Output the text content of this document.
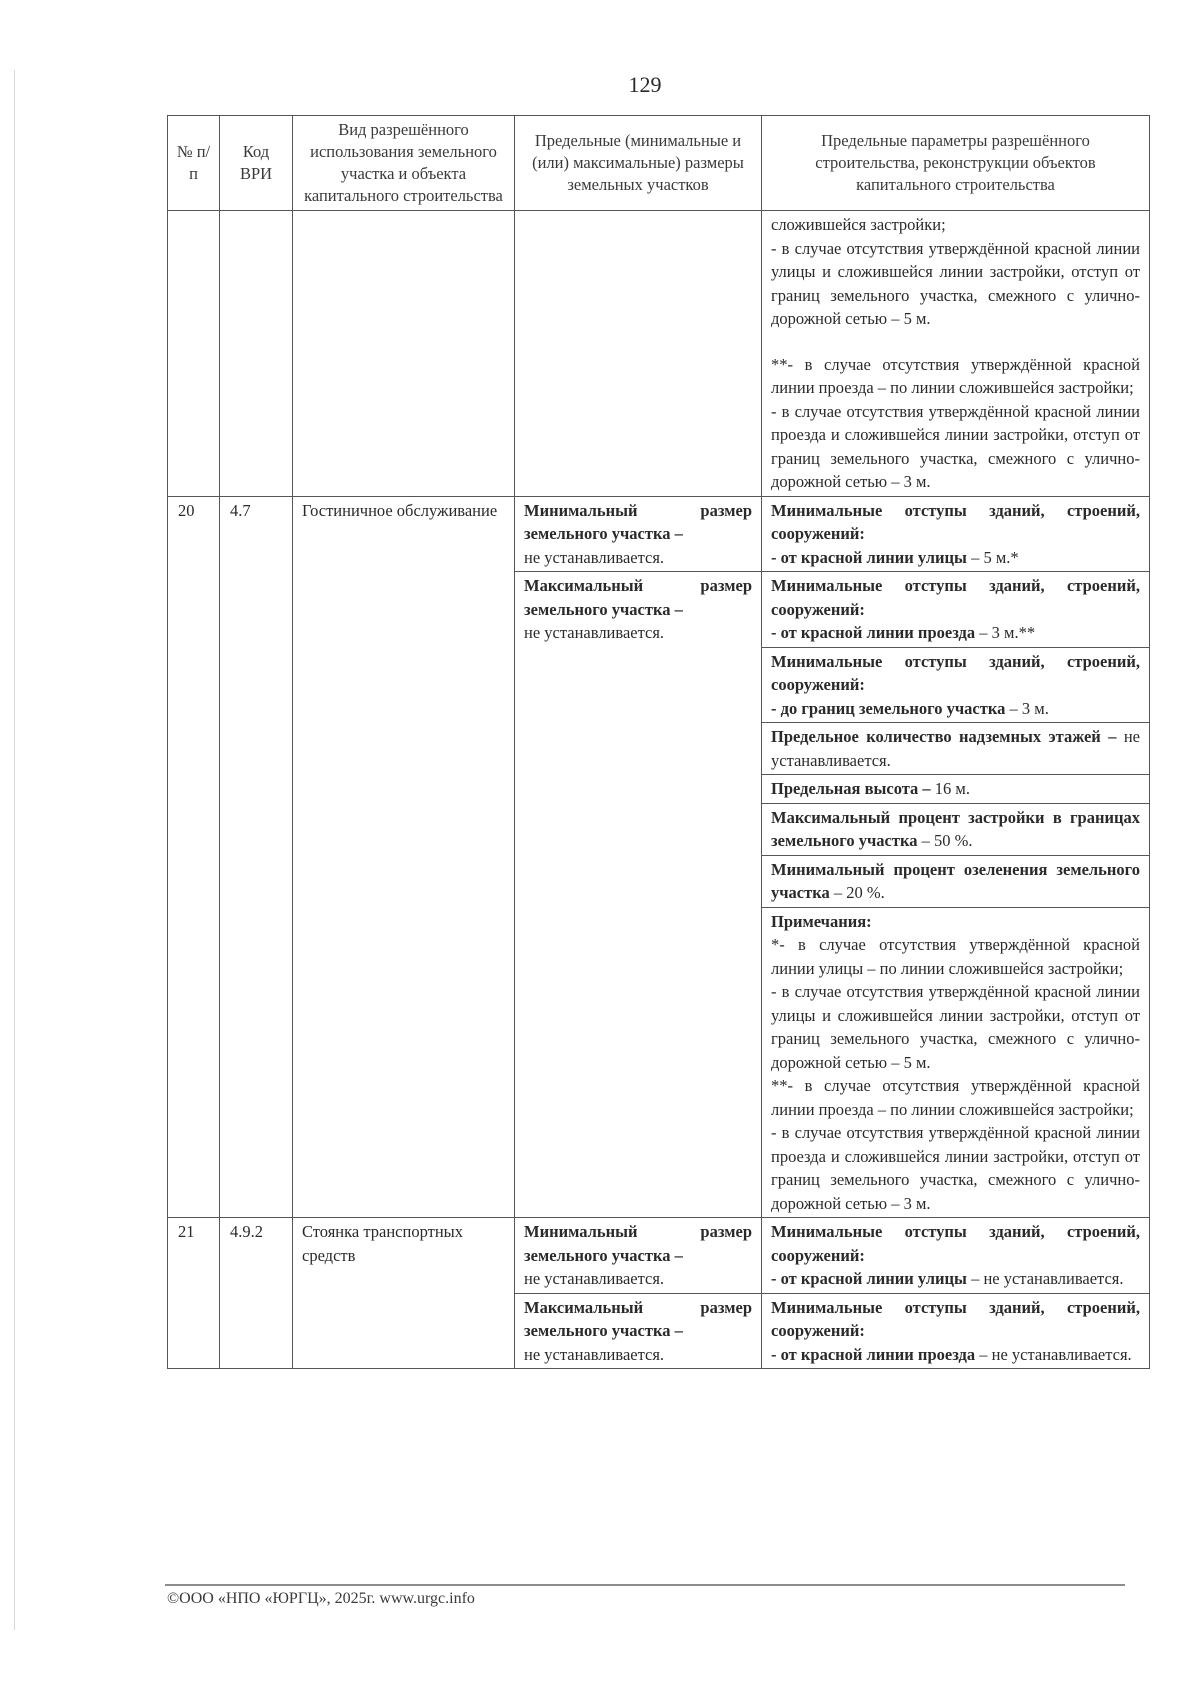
129
№ п/п	Код ВРИ	Вид разрешённого использования земельного участка и объекта капитального строительства	Предельные (минимальные и (или) максимальные) размеры земельных участков	Предельные параметры разрешённого строительства, реконструкции объектов капитального строительства

				сложившейся застройки;
- в случае отсутствия утверждённой красной линии улицы и сложившейся линии застройки, отступ от границ земельного участка, смежного с улично-дорожной сетью – 5 м.
**- в случае отсутствия утверждённой красной линии проезда – по линии сложившейся застройки;
- в случае отсутствия утверждённой красной линии проезда и сложившейся линии застройки, отступ от границ земельного участка, смежного с улично-дорожной сетью – 3 м.

20	4.7	Гостиничное обслуживание	Минимальный размер земельного участка –
не устанавливается.	Минимальные отступы зданий, строений, сооружений:
- от красной линии улицы – 5 м.*
			Максимальный размер земельного участка –
не устанавливается.	Минимальные отступы зданий, строений, сооружений:
- от красной линии проезда – 3 м.**
				Минимальные отступы зданий, строений, сооружений:
- до границ земельного участка – 3 м.
				Предельное количество надземных этажей – не устанавливается.
				Предельная высота – 16 м.
				Максимальный процент застройки в границах земельного участка – 50 %.
				Минимальный процент озеленения земельного участка – 20 %.

				Примечания:
*- в случае отсутствия утверждённой красной линии улицы – по линии сложившейся застройки;
- в случае отсутствия утверждённой красной линии улицы и сложившейся линии застройки, отступ от границ земельного участка, смежного с улично-дорожной сетью – 5 м.
**- в случае отсутствия утверждённой красной линии проезда – по линии сложившейся застройки;
- в случае отсутствия утверждённой красной линии проезда и сложившейся линии застройки, отступ от границ земельного участка, смежного с улично-дорожной сетью – 3 м.

21	4.9.2	Стоянка транспортных средств	Минимальный размер земельного участка –
не устанавливается.	Минимальные отступы зданий, строений, сооружений:
- от красной линии улицы – не устанавливается.
			Максимальный размер земельного участка –
не устанавливается.	Минимальные отступы зданий, строений, сооружений:
- от красной линии проезда – не устанавливается.
©ООО «НПО «ЮРГЦ», 2025г. www.urgc.info
